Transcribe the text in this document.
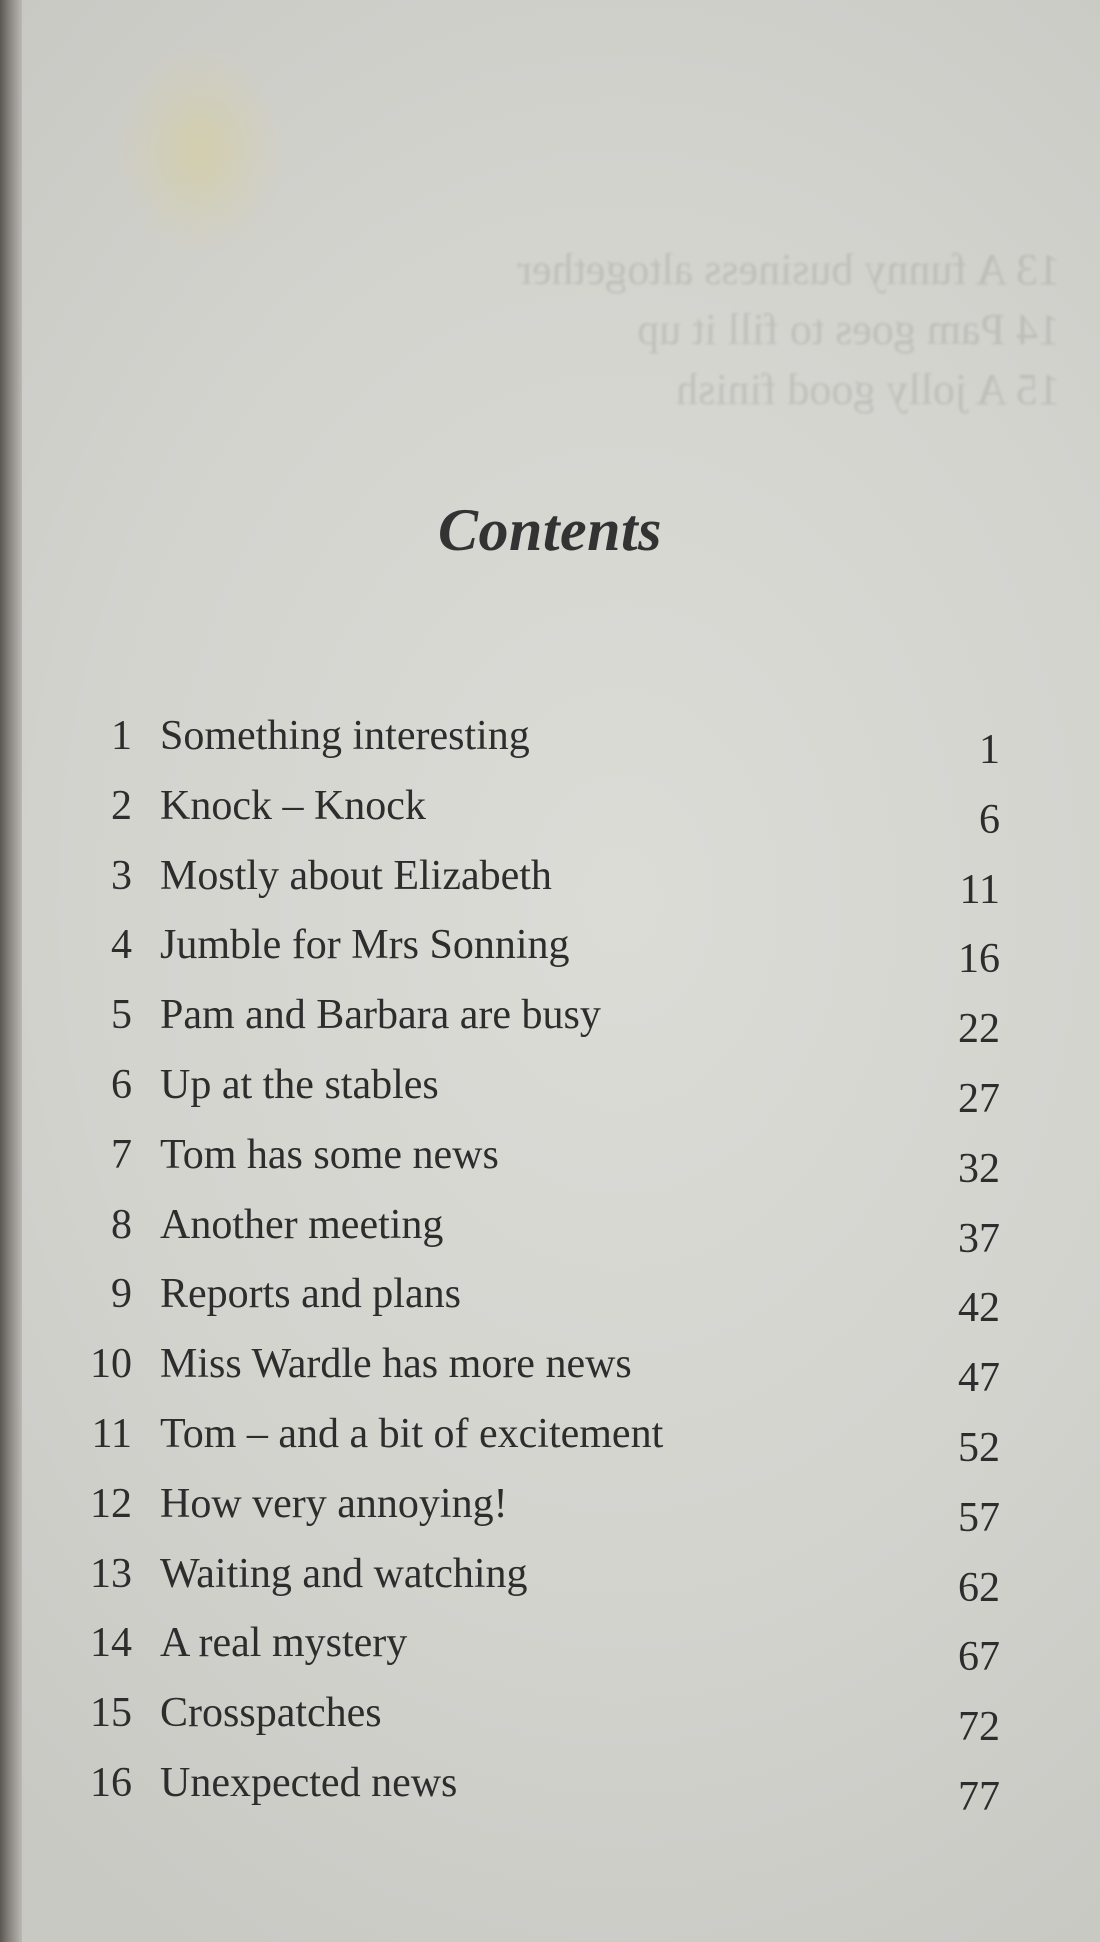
13 A funny business altogether
14 Pam goes to fill it up
15 A jolly good finish
Contents
1 Something interesting	1
2 Knock – Knock	6
3 Mostly about Elizabeth	11
4 Jumble for Mrs Sonning	16
5 Pam and Barbara are busy	22
6 Up at the stables	27
7 Tom has some news	32
8 Another meeting	37
9 Reports and plans	42
10 Miss Wardle has more news	47
11 Tom – and a bit of excitement	52
12 How very annoying!	57
13 Waiting and watching	62
14 A real mystery	67
15 Crosspatches	72
16 Unexpected news	77
